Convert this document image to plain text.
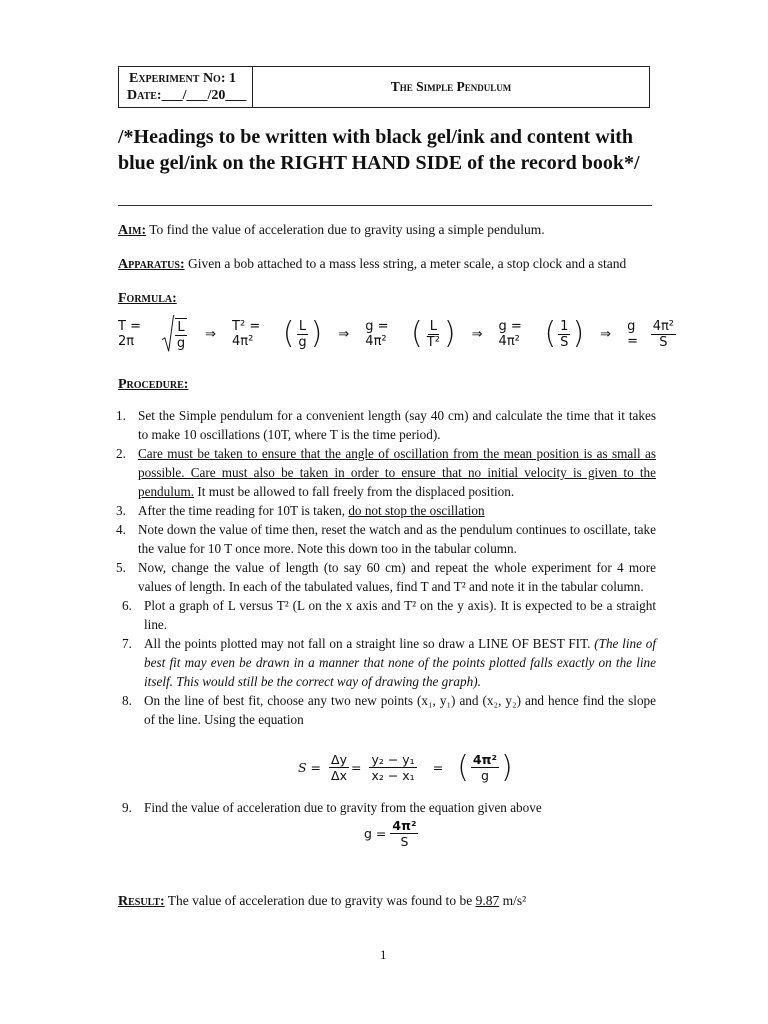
Experiment No: 1
Date:___/___/20___
The Simple Pendulum
/*Headings to be written with black gel/ink and content with blue gel/ink on the RIGHT HAND SIDE of the record book*/
Aim: To find the value of acceleration due to gravity using a simple pendulum.
Apparatus: Given a bob attached to a mass less string, a meter scale, a stop clock and a stand
Formula:
T = 2π	$\frac{L}{g}$ ⇒ T² = 4π² ( $\frac{L}{g}$ ) ⇒ g = 4π² ( $\frac{L}{\text{T²}}$ ) ⇒ g = 4π² ( $\frac{1}{S}$ ) ⇒ $g = \frac{\text{4π²}}{S}$
Procedure:
1. Set the Simple pendulum for a convenient length (say 40 cm) and calculate the time that it takes to make 10 oscillations (10T, where T is the time period).
2. Care must be taken to ensure that the angle of oscillation from the mean position is as small as possible. Care must also be taken in order to ensure that no initial velocity is given to the pendulum. It must be allowed to fall freely from the displaced position.
3. After the time reading for 10T is taken, do not stop the oscillation
4. Note down the value of time then, reset the watch and as the pendulum continues to oscillate, take the value for 10 T once more. Note this down too in the tabular column.
5. Now, change the value of length (to say 60 cm) and repeat the whole experiment for 4 more values of length. In each of the tabulated values, find T and T² and note it in the tabular column.
6. Plot a graph of L versus T² (L on the x axis and T² on the y axis). It is expected to be a straight line.
7. All the points plotted may not fall on a straight line so draw a LINE OF BEST FIT. (The line of best fit may even be drawn in a manner that none of the points plotted falls exactly on the line itself. This would still be the correct way of drawing the graph).
8. On the line of best fit, choose any two new points (x₁, y₁) and (x₂, y₂) and hence find the slope of the line. Using the equation
$S = \frac{\Delta y}{\Delta x} = \frac{\text{y₂ − y₁}}{\text{x₂ − x₁}}$ = ( $\frac{\text{4π²}}{g}$ )
9. Find the value of acceleration due to gravity from the equation given above
$g = \frac{\text{4π²}}{S}$
Result: The value of acceleration due to gravity was found to be 9.87 m/s²
1
